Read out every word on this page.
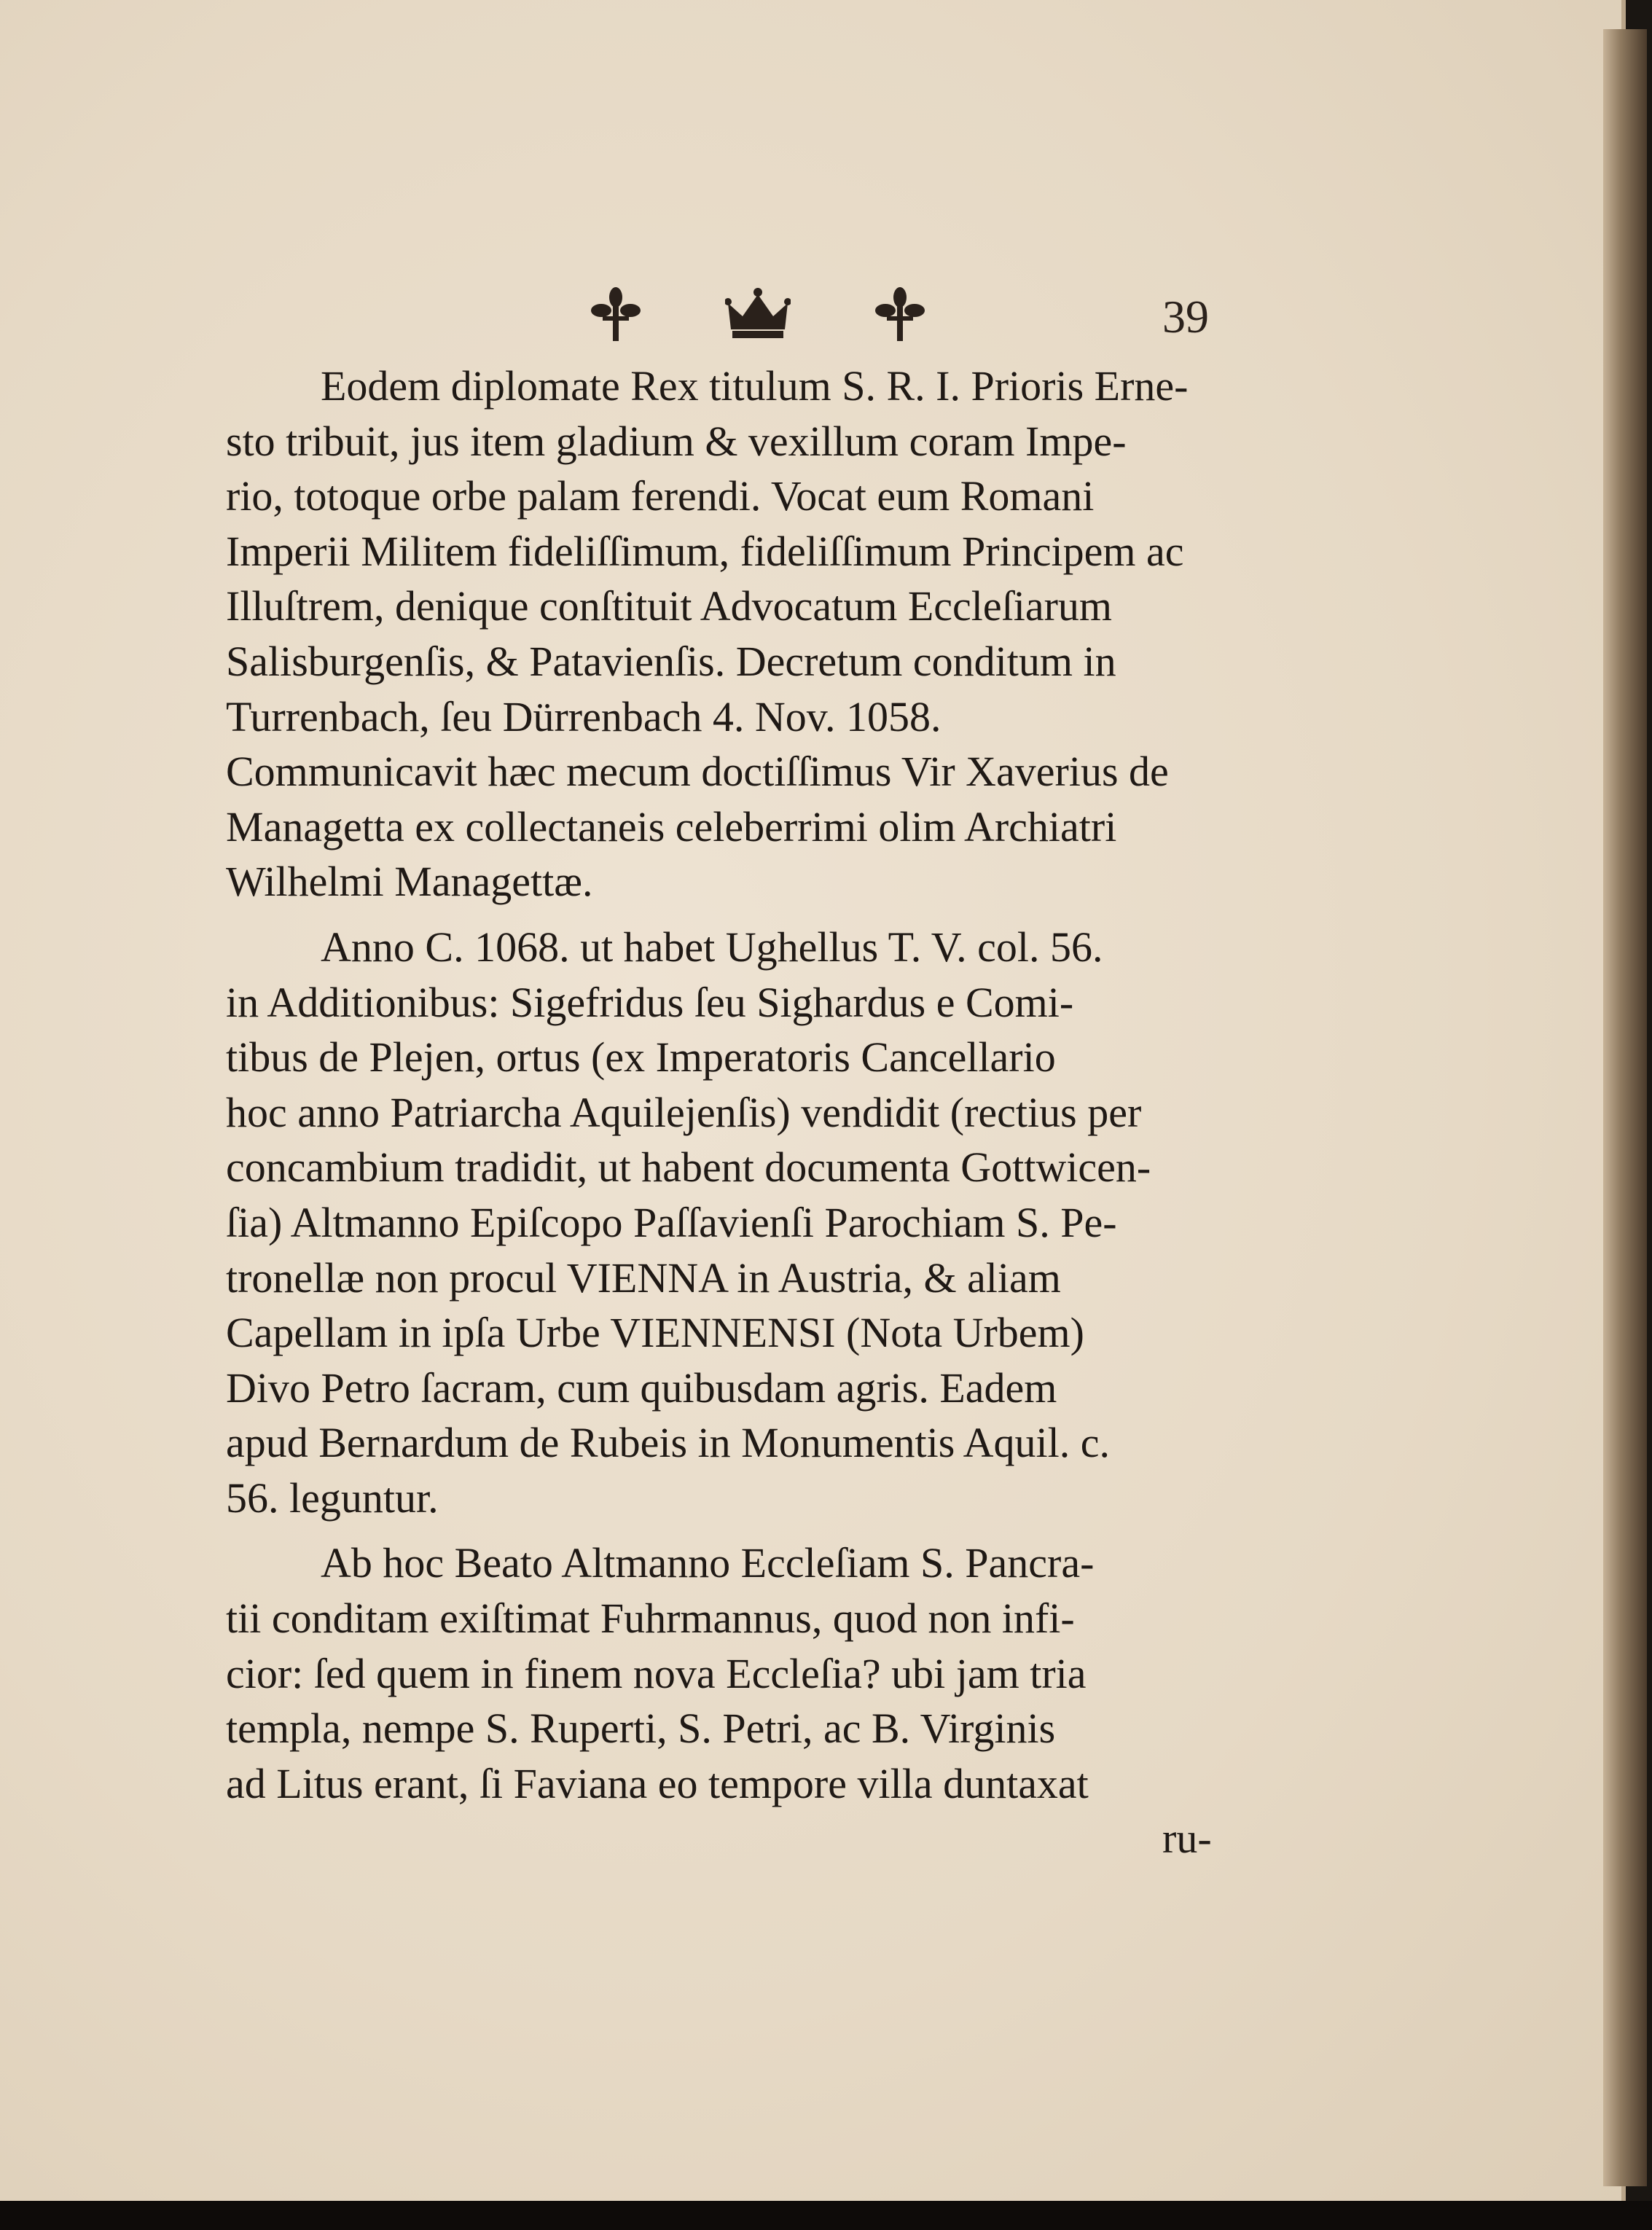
39
Eodem diplomate Rex titulum S. R. I. Prioris Erne-
sto tribuit, jus item gladium & vexillum coram Impe-
rio, totoque orbe palam ferendi. Vocat eum Romani
Imperii Militem fideliſſimum, fideliſſimum Principem ac
Illuſtrem, denique conſtituit Advocatum Eccleſiarum
Salisburgenſis, & Patavienſis. Decretum conditum in
Turrenbach, ſeu Dürrenbach 4. Nov. 1058.
Communicavit hæc mecum doctiſſimus Vir Xaverius de
Managetta ex collectaneis celeberrimi olim Archiatri
Wilhelmi Managettæ.
Anno C. 1068. ut habet Ughellus T. V. col. 56.
in Additionibus: Sigefridus ſeu Sighardus e Comi-
tibus de Plejen, ortus (ex Imperatoris Cancellario
hoc anno Patriarcha Aquilejenſis) vendidit (rectius per
concambium tradidit, ut habent documenta Gottwicen-
ſia) Altmanno Epiſcopo Paſſavienſi Parochiam S. Pe-
tronellæ non procul VIENNA in Austria, & aliam
Capellam in ipſa Urbe VIENNENSI (Nota Urbem)
Divo Petro ſacram, cum quibusdam agris. Eadem
apud Bernardum de Rubeis in Monumentis Aquil. c.
56. leguntur.
Ab hoc Beato Altmanno Eccleſiam S. Pancra-
tii conditam exiſtimat Fuhrmannus, quod non infi-
cior: ſed quem in finem nova Eccleſia? ubi jam tria
templa, nempe S. Ruperti, S. Petri, ac B. Virginis
ad Litus erant, ſi Faviana eo tempore villa duntaxat
ru-
